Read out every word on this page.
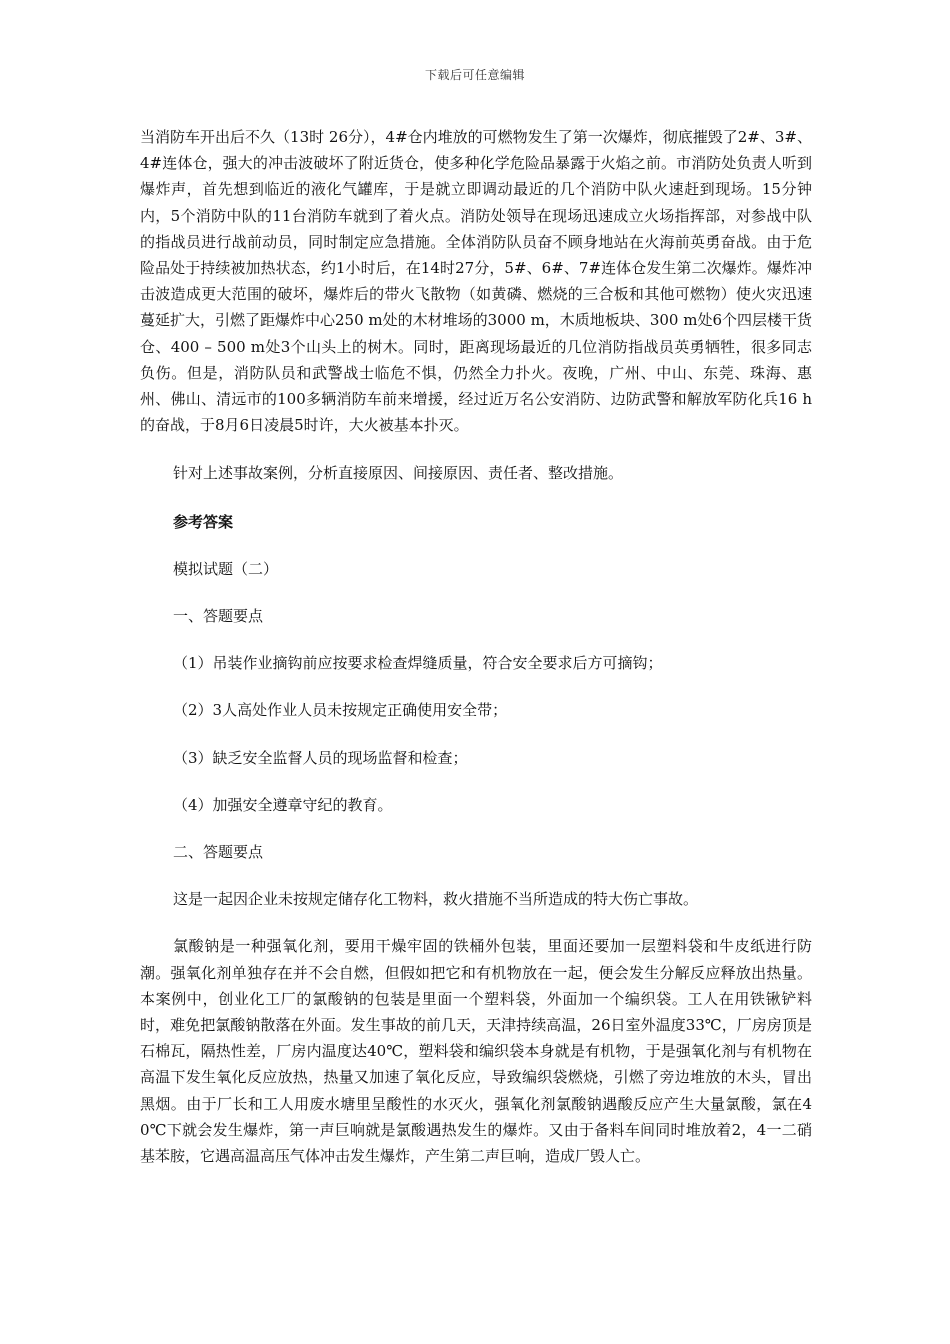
下载后可任意编辑

当消防车开出后不久（13时 26分），4#仓内堆放的可燃物发生了第一次爆炸，彻底摧毁了2#、3#、4#连体仓，强大的冲击波破坏了附近货仓，使多种化学危险品暴露于火焰之前。市消防处负责人听到爆炸声，首先想到临近的液化气罐库，于是就立即调动最近的几个消防中队火速赶到现场。15分钟内，5个消防中队的11台消防车就到了着火点。消防处领导在现场迅速成立火场指挥部，对参战中队的指战员进行战前动员，同时制定应急措施。全体消防队员奋不顾身地站在火海前英勇奋战。由于危险品处于持续被加热状态，约1小时后，在14时27分，5#、6#、7#连体仓发生第二次爆炸。爆炸冲击波造成更大范围的破坏，爆炸后的带火飞散物（如黄磷、燃烧的三合板和其他可燃物）使火灾迅速蔓延扩大，引燃了距爆炸中心250 m处的木材堆场的3000 m，木质地板块、300 m处6个四层楼干货仓、400 – 500 m处3个山头上的树木。同时，距离现场最近的几位消防指战员英勇牺牲，很多同志负伤。但是，消防队员和武警战士临危不惧，仍然全力扑火。夜晚，广州、中山、东莞、珠海、惠州、佛山、清远市的100多辆消防车前来增援，经过近万名公安消防、边防武警和解放军防化兵16 h的奋战，于8月6日凌晨5时许，大火被基本扑灭。

针对上述事故案例，分析直接原因、间接原因、责任者、整改措施。

参考答案

模拟试题（二）

一、答题要点

（1）吊装作业摘钩前应按要求检查焊缝质量，符合安全要求后方可摘钩；

（2）3人高处作业人员未按规定正确使用安全带；

（3）缺乏安全监督人员的现场监督和检查；

（4）加强安全遵章守纪的教育。

二、答题要点

这是一起因企业未按规定储存化工物料，救火措施不当所造成的特大伤亡事故。

氯酸钠是一种强氧化剂，要用干燥牢固的铁桶外包装，里面还要加一层塑料袋和牛皮纸进行防潮。强氧化剂单独存在并不会自燃，但假如把它和有机物放在一起，便会发生分解反应释放出热量。本案例中，创业化工厂的氯酸钠的包装是里面一个塑料袋，外面加一个编织袋。工人在用铁锹铲料时，难免把氯酸钠散落在外面。发生事故的前几天，天津持续高温，26日室外温度33℃，厂房房顶是石棉瓦，隔热性差，厂房内温度达40℃，塑料袋和编织袋本身就是有机物，于是强氧化剂与有机物在高温下发生氧化反应放热，热量又加速了氧化反应，导致编织袋燃烧，引燃了旁边堆放的木头，冒出黑烟。由于厂长和工人用废水塘里呈酸性的水灭火，强氧化剂氯酸钠遇酸反应产生大量氯酸，氯在40℃下就会发生爆炸，第一声巨响就是氯酸遇热发生的爆炸。又由于备料车间同时堆放着2，4一二硝基苯胺，它遇高温高压气体冲击发生爆炸，产生第二声巨响，造成厂毁人亡。
